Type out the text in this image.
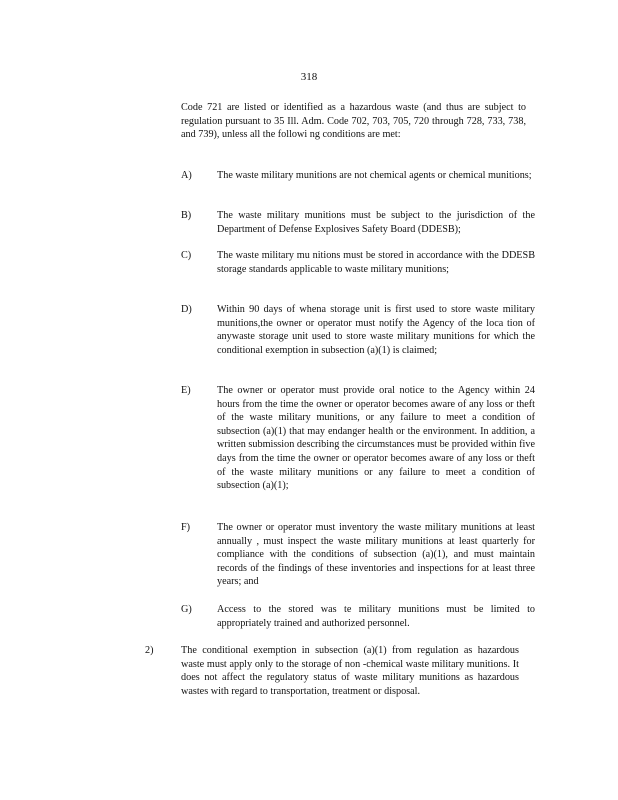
318

Code 721 are listed or identified as a hazardous waste (and thus are subject to regulation pursuant to 35 Ill. Adm. Code 702, 703, 705, 720 through 728, 733, 738, and 739), unless all the followi ng conditions are met:

A) The waste military munitions are not chemical agents or chemical munitions;

B)	The waste military munitions must be subject to the jurisdiction of the Department of Defense Explosives Safety Board (DDESB);

C)	The waste military mu nitions must be stored in accordance with the DDESB storage standards applicable to waste military munitions;

D) Within 90 days of whena storage unit is first used to store waste military munitions,the owner or operator must notify the Agency of the loca tion of anywaste storage unit used to store waste military munitions for which the conditional exemption in subsection (a)(1) is claimed;

E)	The owner or operator must provide oral notice to the Agency within 24 hours from the time the owner or operator becomes aware of any loss or theft of the waste military munitions, or any failure to meet a condition of subsection (a)(1) that may endanger health or the environment. In addition, a written submission describing the circumstances must be provided within five days from the time the owner or operator becomes aware of any loss or theft of the waste military munitions or any failure to meet a condition of subsection (a)(1);

F)	The owner or operator must inventory the waste military munitions at least annually , must inspect the waste military munitions at least quarterly for compliance with the conditions of subsection (a)(1), and must maintain records of the findings of these inventories and inspections for at least three years; and

G) Access to the stored was te military munitions must be limited to appropriately trained and authorized personnel.

2)	The conditional exemption in subsection (a)(1) from regulation as hazardous waste must apply only to the storage of non -chemical waste military munitions. It does not affect the regulatory status of waste military munitions as hazardous wastes with regard to transportation, treatment or disposal.
